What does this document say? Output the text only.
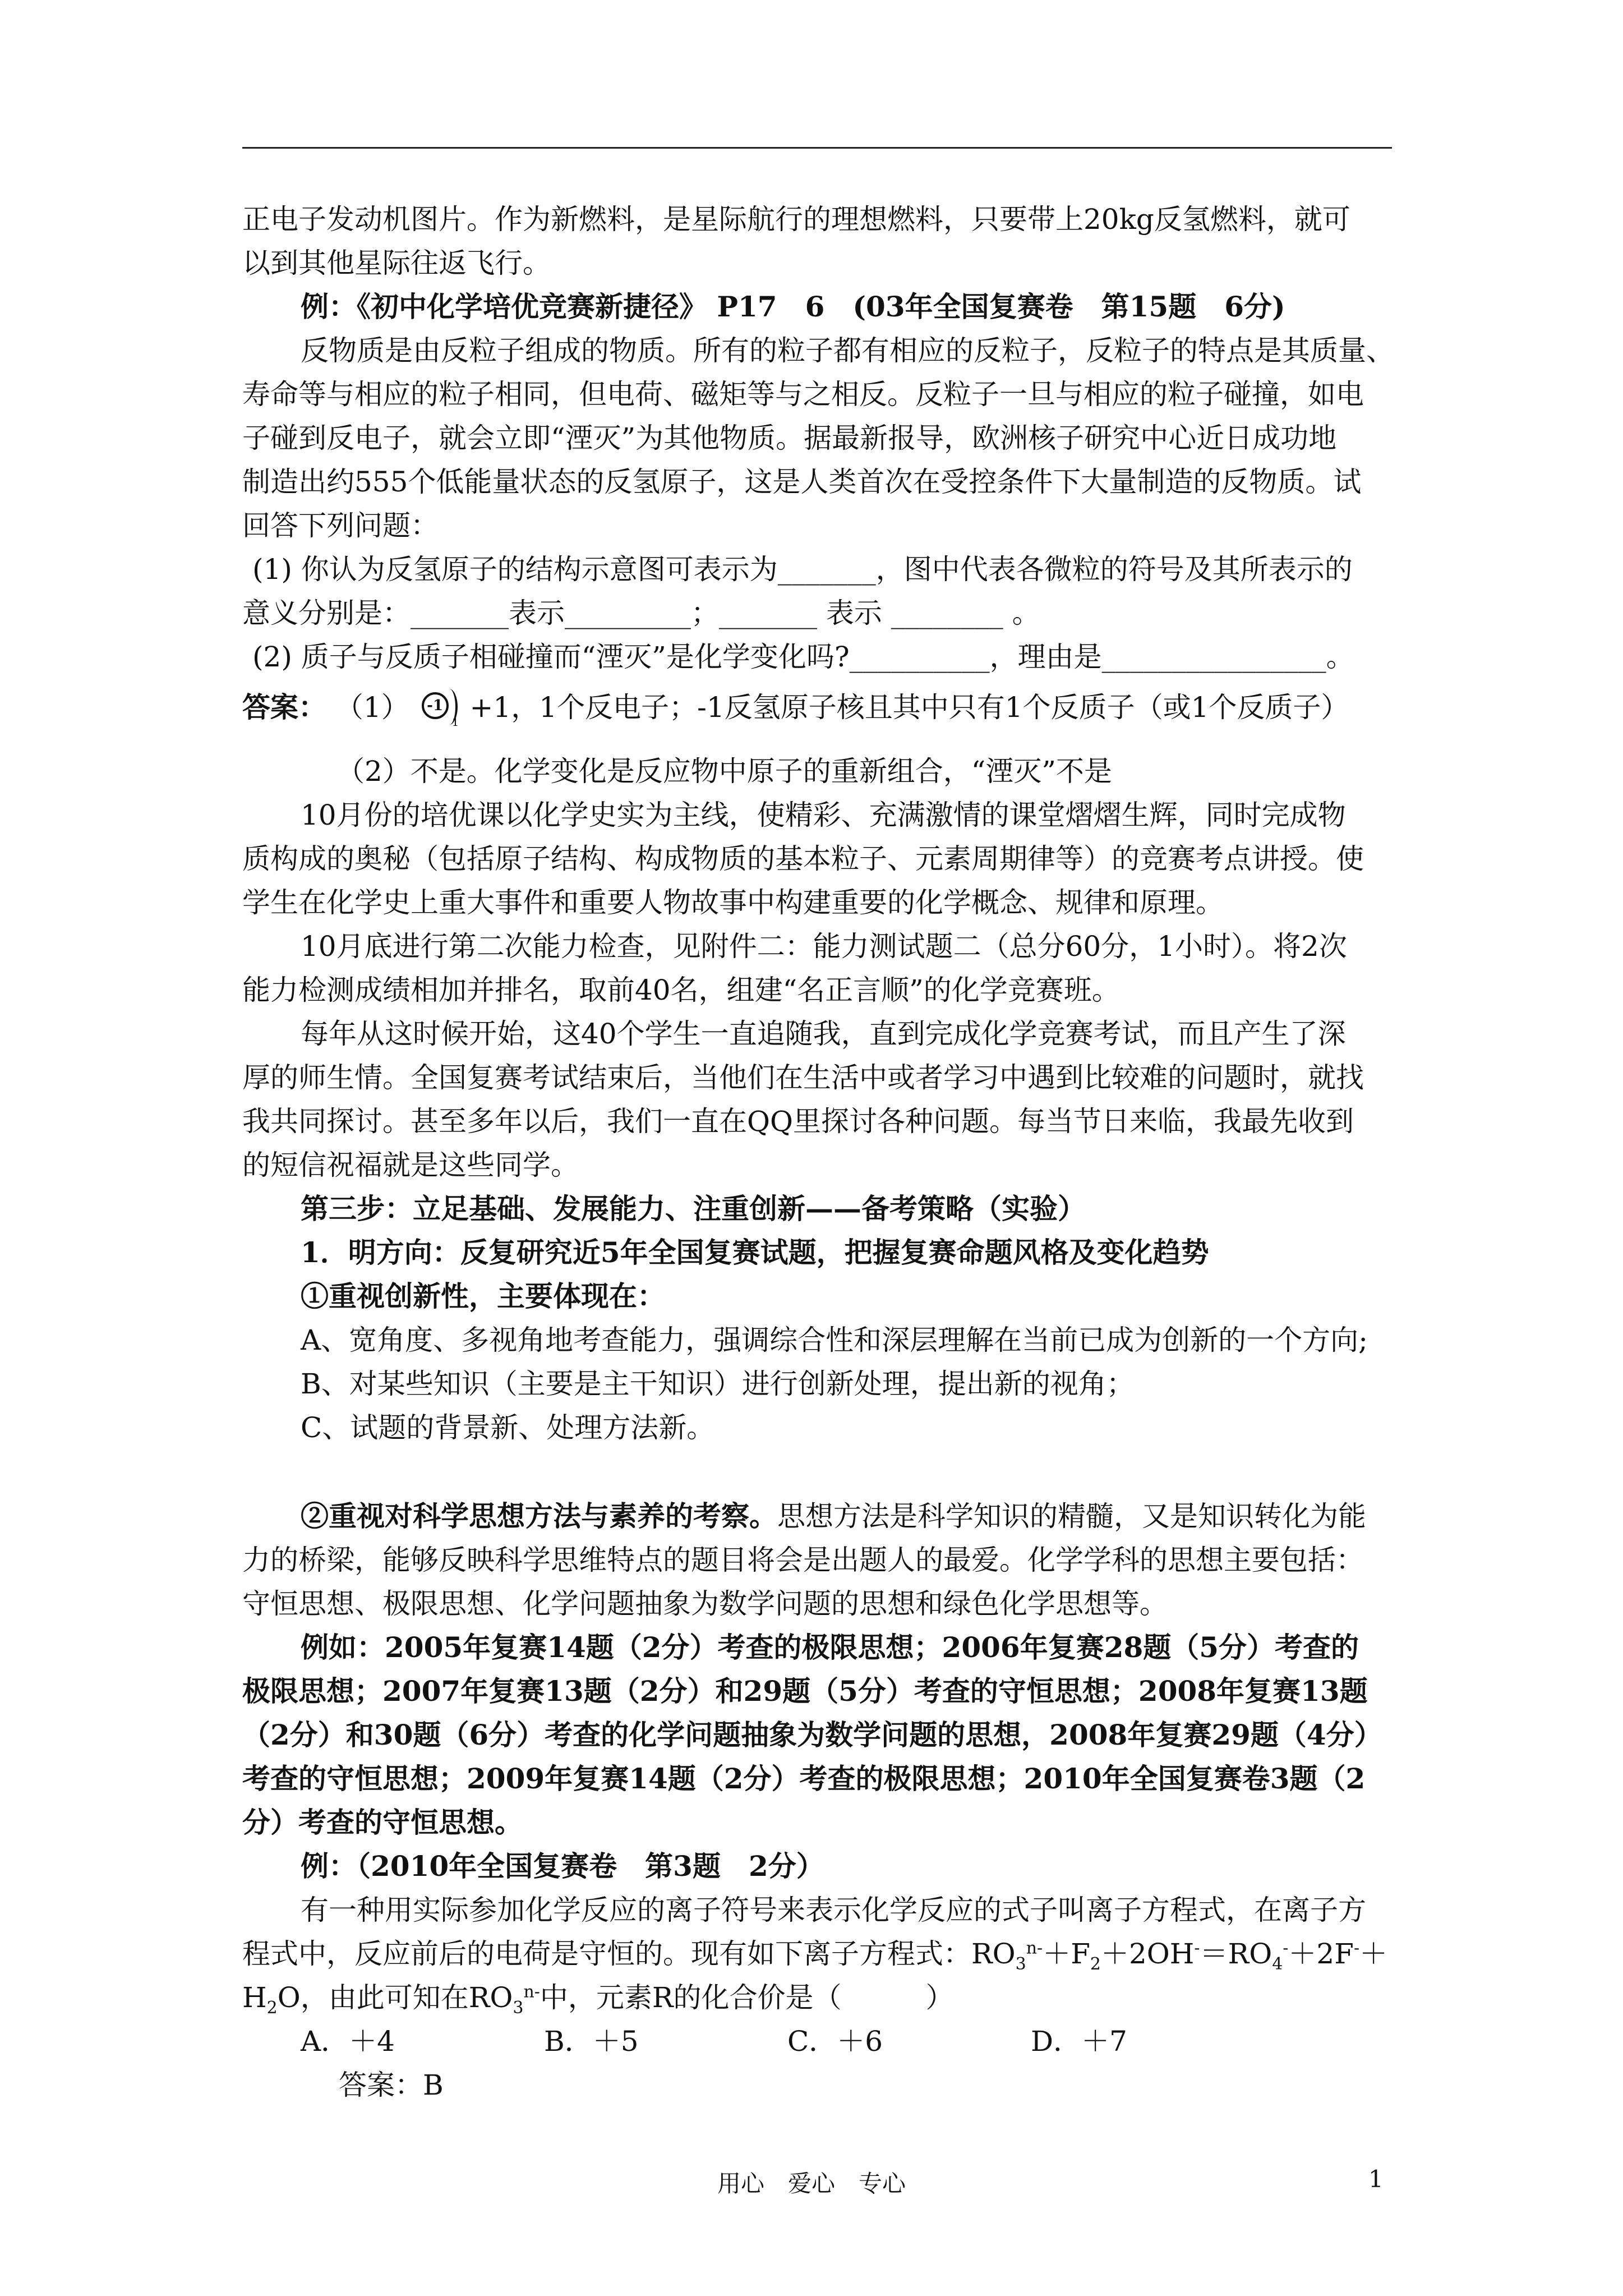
正电子发动机图片。作为新燃料，是星际航行的理想燃料，只要带上20kg反氢燃料，就可
以到其他星际往返飞行。
例：《初中化学培优竞赛新捷径》 P17　6　(03年全国复赛卷　第15题　6分)
反物质是由反粒子组成的物质。所有的粒子都有相应的反粒子，反粒子的特点是其质量、
寿命等与相应的粒子相同，但电荷、磁矩等与之相反。反粒子一旦与相应的粒子碰撞，如电
子碰到反电子，就会立即“湮灭”为其他物质。据最新报导，欧洲核子研究中心近日成功地
制造出约555个低能量状态的反氢原子，这是人类首次在受控条件下大量制造的反物质。试
回答下列问题：
(1) 你认为反氢原子的结构示意图可表示为_______，图中代表各微粒的符号及其所表示的
意义分别是：_______表示_________；_______ 表示 ________ 。
(2) 质子与反质子相碰撞而“湮灭”是化学变化吗?__________，理由是________________。
答案： （1）	-1
1 +1，1个反电子；-1反氢原子核且其中只有1个反质子（或1个反质子）
（2）不是。化学变化是反应物中原子的重新组合，“湮灭”不是
10月份的培优课以化学史实为主线，使精彩、充满激情的课堂熠熠生辉，同时完成物
质构成的奥秘（包括原子结构、构成物质的基本粒子、元素周期律等）的竞赛考点讲授。使
学生在化学史上重大事件和重要人物故事中构建重要的化学概念、规律和原理。
10月底进行第二次能力检查，见附件二：能力测试题二（总分60分，1小时）。将2次
能力检测成绩相加并排名，取前40名，组建“名正言顺”的化学竞赛班。
每年从这时候开始，这40个学生一直追随我，直到完成化学竞赛考试，而且产生了深
厚的师生情。全国复赛考试结束后，当他们在生活中或者学习中遇到比较难的问题时，就找
我共同探讨。甚至多年以后，我们一直在QQ里探讨各种问题。每当节日来临，我最先收到
的短信祝福就是这些同学。
第三步：立足基础、发展能力、注重创新——备考策略（实验）
1．明方向：反复研究近5年全国复赛试题，把握复赛命题风格及变化趋势
①重视创新性，主要体现在：
A、宽角度、多视角地考查能力，强调综合性和深层理解在当前已成为创新的一个方向;
B、对某些知识（主要是主干知识）进行创新处理，提出新的视角；
C、试题的背景新、处理方法新。
②重视对科学思想方法与素养的考察。思想方法是科学知识的精髓，又是知识转化为能
力的桥梁，能够反映科学思维特点的题目将会是出题人的最爱。化学学科的思想主要包括：
守恒思想、极限思想、化学问题抽象为数学问题的思想和绿色化学思想等。
例如：2005年复赛14题（2分）考查的极限思想；2006年复赛28题（5分）考查的
极限思想；2007年复赛13题（2分）和29题（5分）考查的守恒思想；2008年复赛13题
（2分）和30题（6分）考查的化学问题抽象为数学问题的思想，2008年复赛29题（4分）
考查的守恒思想；2009年复赛14题（2分）考查的极限思想；2010年全国复赛卷3题（2
分）考查的守恒思想。
例：（2010年全国复赛卷　第3题　2分）
有一种用实际参加化学反应的离子符号来表示化学反应的式子叫离子方程式，在离子方
程式中，反应前后的电荷是守恒的。现有如下离子方程式：$RO_3^{n-}+F_2+2OH^-=RO_4^-+2F^-+$
$H_2O$，由此可知在$RO_3^{n-}$中，元素R的化合价是（　　　）
A．＋4	B．＋5	C．＋6	D．＋7
答案：B
用心　爱心　专心	1
